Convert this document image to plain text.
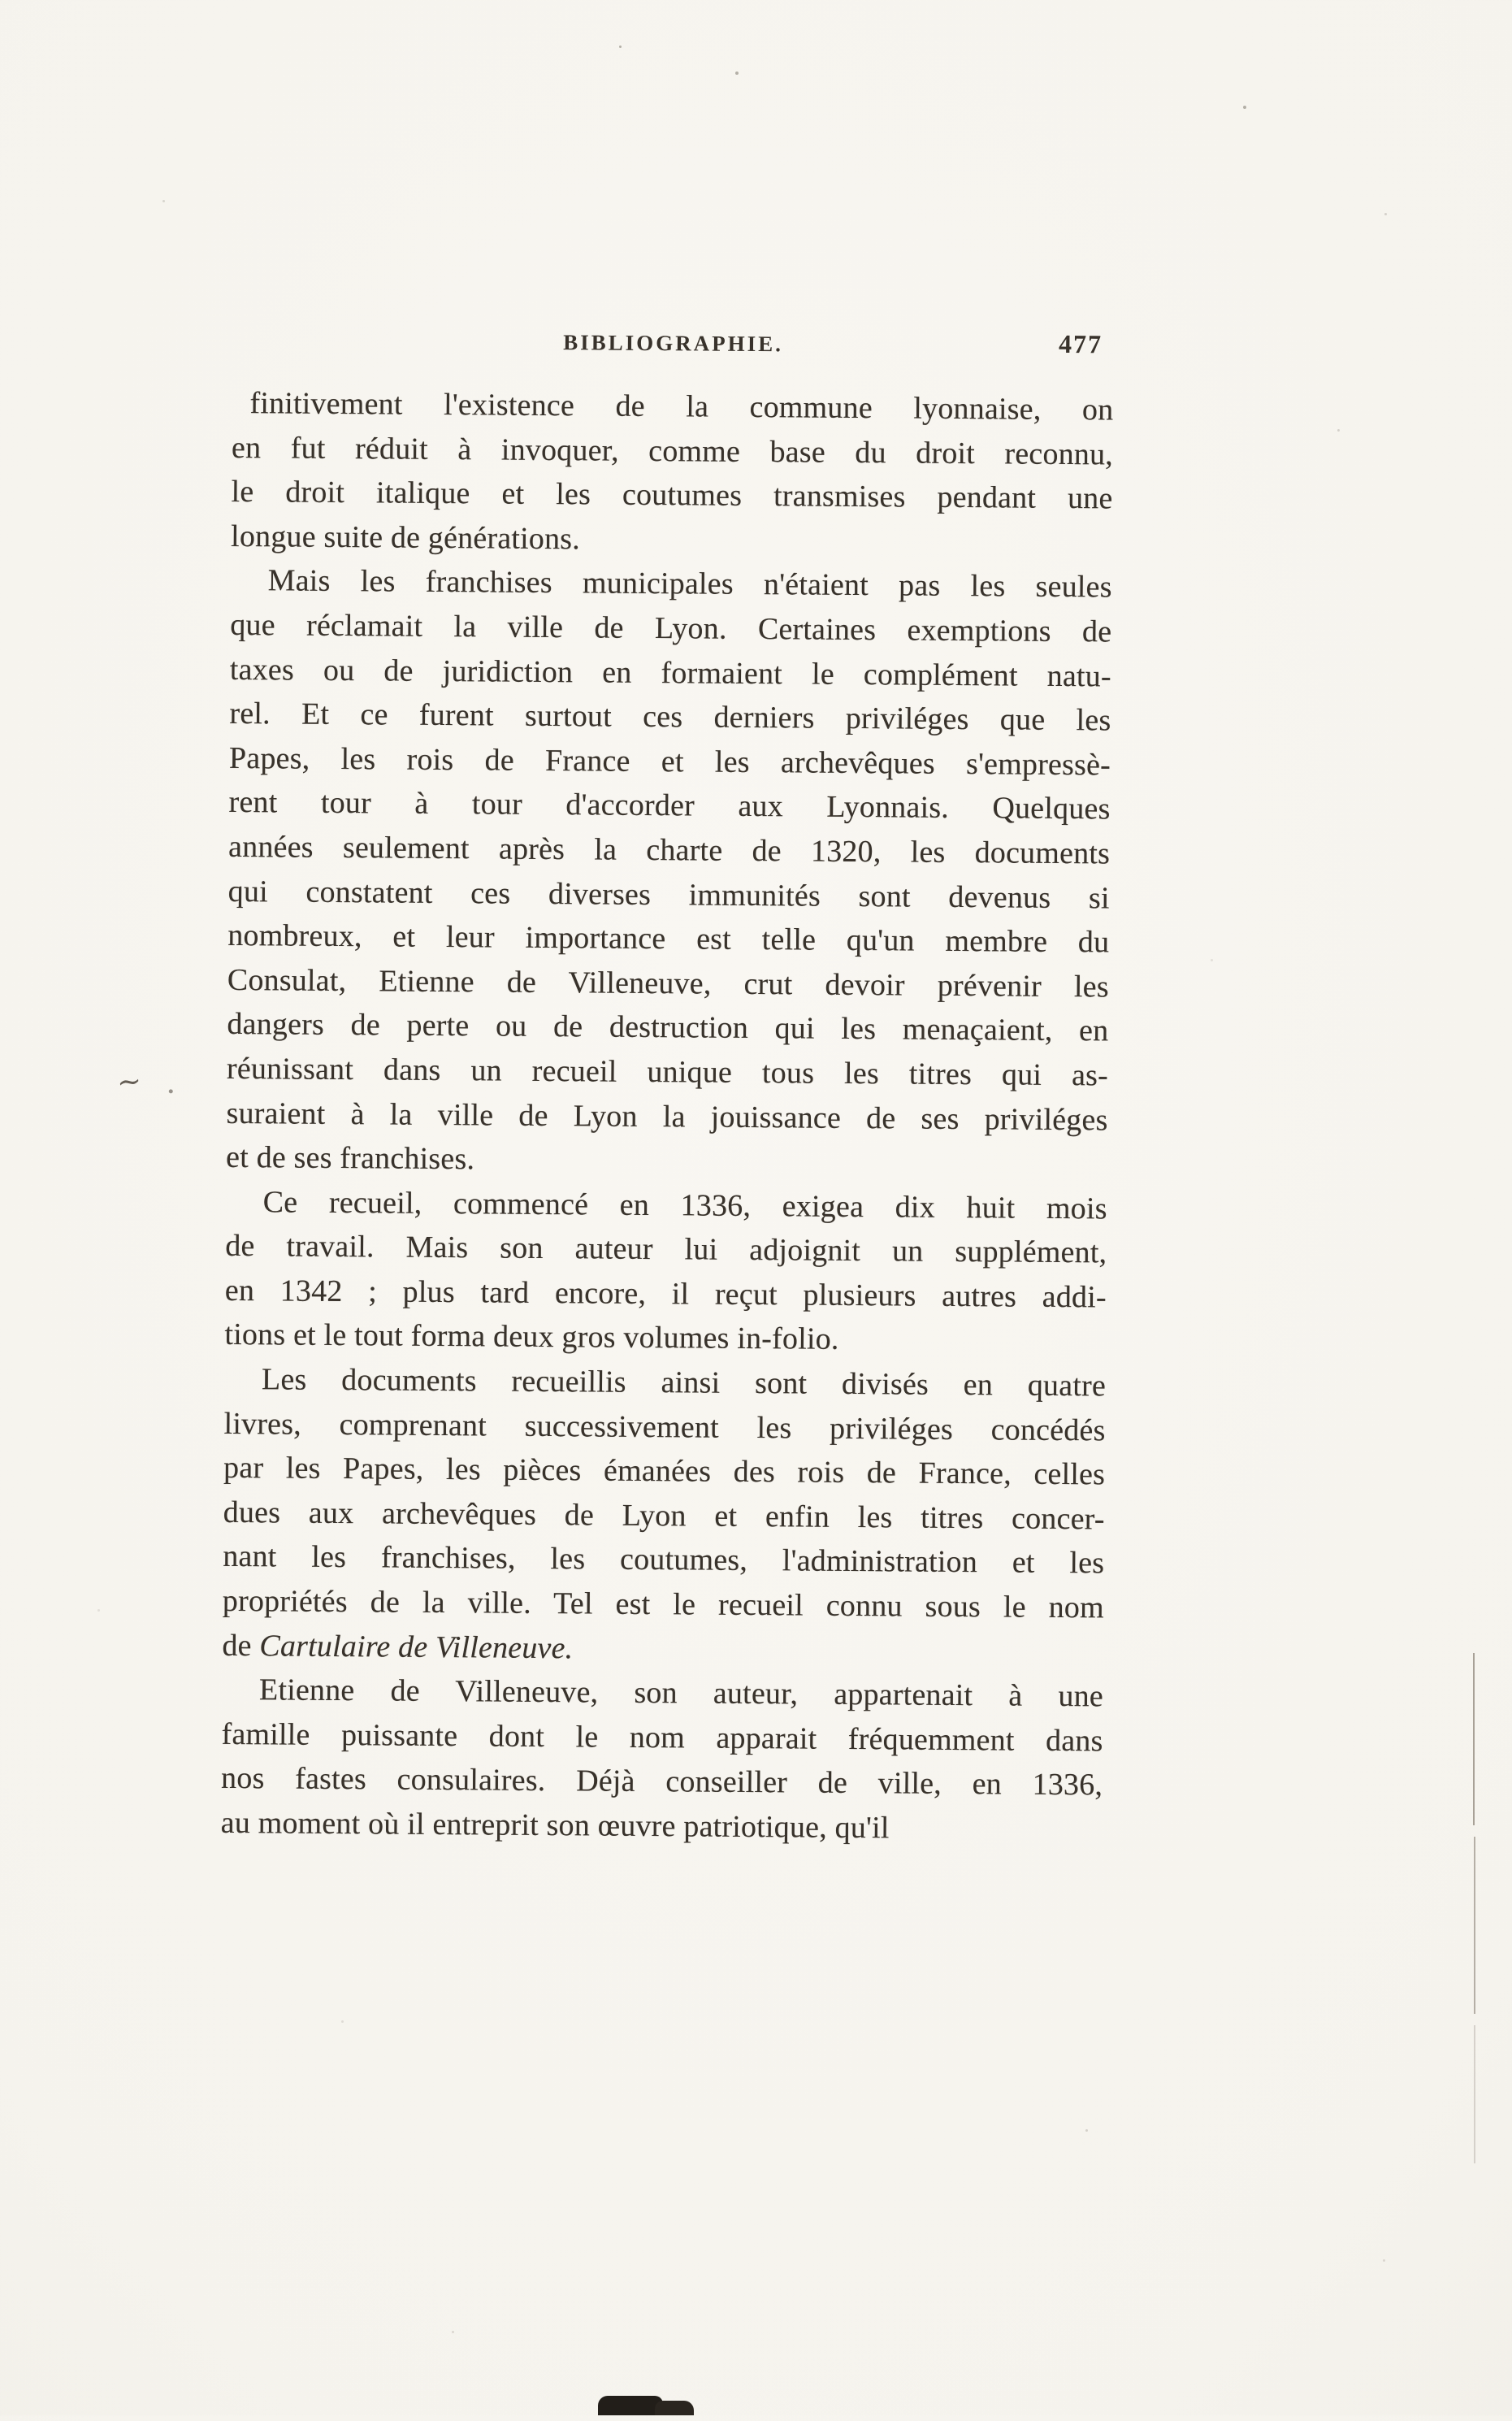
BIBLIOGRAPHIE.	477
finitivement l'existence de la commune lyonnaise, on
en fut réduit à invoquer, comme base du droit reconnu,
le droit italique et les coutumes transmises pendant une
longue suite de générations.
Mais les franchises municipales n'étaient pas les seules
que réclamait la ville de Lyon. Certaines exemptions de
taxes ou de juridiction en formaient le complément natu-
rel. Et ce furent surtout ces derniers priviléges que les
Papes, les rois de France et les archevêques s'empressè-
rent tour à tour d'accorder aux Lyonnais. Quelques
années seulement après la charte de 1320, les documents
qui constatent ces diverses immunités sont devenus si
nombreux, et leur importance est telle qu'un membre du
Consulat, Etienne de Villeneuve, crut devoir prévenir les
dangers de perte ou de destruction qui les menaçaient, en
réunissant dans un recueil unique tous les titres qui as-
suraient à la ville de Lyon la jouissance de ses priviléges
et de ses franchises.
Ce recueil, commencé en 1336, exigea dix huit mois
de travail. Mais son auteur lui adjoignit un supplément,
en 1342 ; plus tard encore, il reçut plusieurs autres addi-
tions et le tout forma deux gros volumes in-folio.
Les documents recueillis ainsi sont divisés en quatre
livres, comprenant successivement les priviléges concédés
par les Papes, les pièces émanées des rois de France, celles
dues aux archevêques de Lyon et enfin les titres concer-
nant les franchises, les coutumes, l'administration et les
propriétés de la ville. Tel est le recueil connu sous le nom
de Cartulaire de Villeneuve.
Etienne de Villeneuve, son auteur, appartenait à une
famille puissante dont le nom apparait fréquemment dans
nos fastes consulaires. Déjà conseiller de ville, en 1336,
au moment où il entreprit son œuvre patriotique, qu'il
∼
